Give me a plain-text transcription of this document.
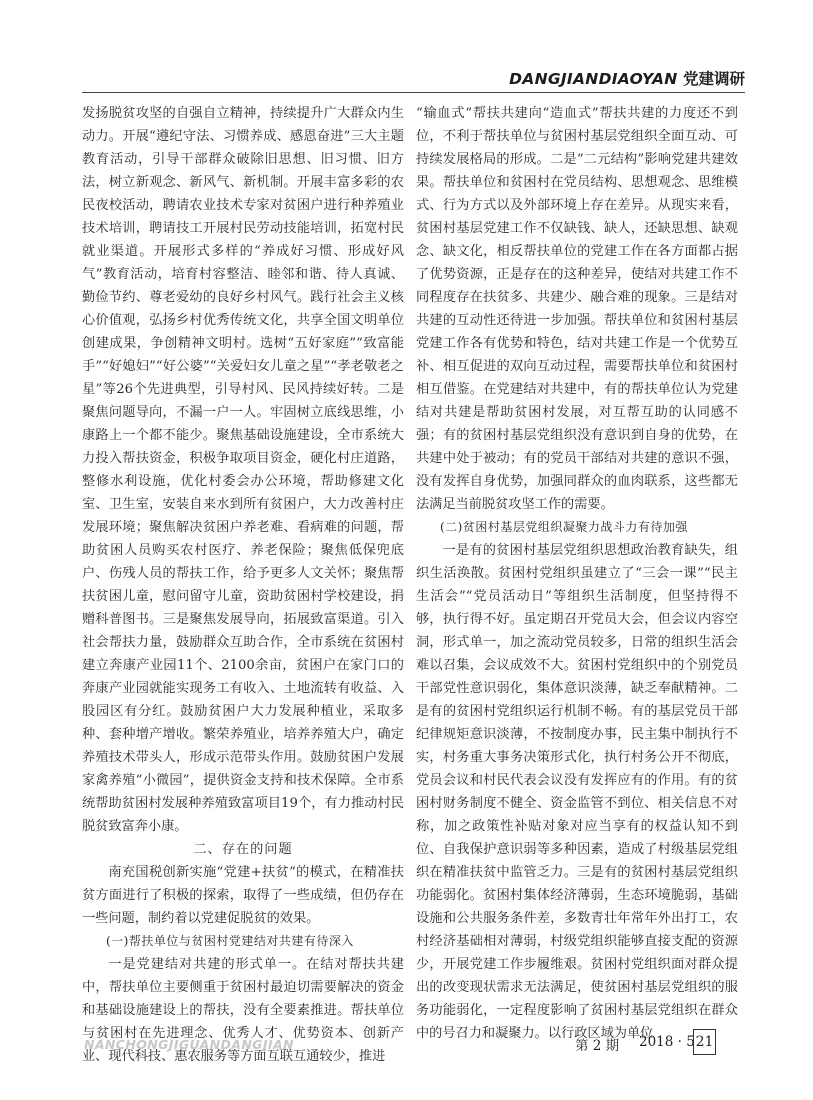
DANGJIANDIAOYAN 党建调研

发扬脱贫攻坚的自强自立精神，持续提升广大群众内生动力。开展“遵纪守法、习惯养成、感恩奋进”三大主题教育活动，引导干部群众破除旧思想、旧习惯、旧方法，树立新观念、新风气、新机制。开展丰富多彩的农民夜校活动，聘请农业技术专家对贫困户进行种养殖业技术培训，聘请技工开展村民劳动技能培训，拓宽村民就业渠道。开展形式多样的“养成好习惯、形成好风气”教育活动，培育村容整洁、睦邻和谐、待人真诚、勤俭节约、尊老爱幼的良好乡村风气。践行社会主义核心价值观，弘扬乡村优秀传统文化，共享全国文明单位创建成果，争创精神文明村。选树“五好家庭”“致富能手”“好媳妇”“好公婆”“关爱妇女儿童之星”“孝老敬老之星”等26个先进典型，引导村风、民风持续好转。二是聚焦问题导向，不漏一户一人。牢固树立底线思维，小康路上一个都不能少。聚焦基础设施建设，全市系统大力投入帮扶资金，积极争取项目资金，硬化村庄道路，整修水利设施，优化村委会办公环境，帮助修建文化室、卫生室，安装自来水到所有贫困户，大力改善村庄发展环境；聚焦解决贫困户养老难、看病难的问题，帮助贫困人员购买农村医疗、养老保险；聚焦低保兜底户、伤残人员的帮扶工作，给予更多人文关怀；聚焦帮扶贫困儿童，慰问留守儿童，资助贫困村学校建设，捐赠科普图书。三是聚焦发展导向，拓展致富渠道。引入社会帮扶力量，鼓励群众互助合作，全市系统在贫困村建立奔康产业园11个、2100余亩，贫困户在家门口的奔康产业园就能实现务工有收入、土地流转有收益、入股园区有分红。鼓励贫困户大力发展种植业，采取多种、套种增产增收。繁荣养殖业，培养养殖大户，确定养殖技术带头人，形成示范带头作用。鼓励贫困户发展家禽养殖“小微园”，提供资金支持和技术保障。全市系统帮助贫困村发展种养殖致富项目19个，有力推动村民脱贫致富奔小康。

二、存在的问题

南充国税创新实施“党建+扶贫”的模式，在精准扶贫方面进行了积极的探索，取得了一些成绩，但仍存在一些问题，制约着以党建促脱贫的效果。

(一)帮扶单位与贫困村党建结对共建有待深入

一是党建结对共建的形式单一。在结对帮扶共建中，帮扶单位主要侧重于贫困村最迫切需要解决的资金和基础设施建设上的帮扶，没有全要素推进。帮扶单位与贫困村在先进理念、优秀人才、优势资本、创新产业、现代科技、惠农服务等方面互联互通较少，推进

“输血式”帮扶共建向“造血式”帮扶共建的力度还不到位，不利于帮扶单位与贫困村基层党组织全面互动、可持续发展格局的形成。二是“二元结构”影响党建共建效果。帮扶单位和贫困村在党员结构、思想观念、思维模式、行为方式以及外部环境上存在差异。从现实来看，贫困村基层党建工作不仅缺钱、缺人，还缺思想、缺观念、缺文化，相反帮扶单位的党建工作在各方面都占据了优势资源，正是存在的这种差异，使结对共建工作不同程度存在扶贫多、共建少、融合难的现象。三是结对共建的互动性还待进一步加强。帮扶单位和贫困村基层党建工作各有优势和特色，结对共建工作是一个优势互补、相互促进的双向互动过程，需要帮扶单位和贫困村相互借鉴。在党建结对共建中，有的帮扶单位认为党建结对共建是帮助贫困村发展，对互帮互助的认同感不强；有的贫困村基层党组织没有意识到自身的优势，在共建中处于被动；有的党员干部结对共建的意识不强，没有发挥自身优势，加强同群众的血肉联系，这些都无法满足当前脱贫攻坚工作的需要。

(二)贫困村基层党组织凝聚力战斗力有待加强

一是有的贫困村基层党组织思想政治教育缺失，组织生活涣散。贫困村党组织虽建立了“三会一课”“民主生活会”“党员活动日”等组织生活制度，但坚持得不够，执行得不好。虽定期召开党员大会，但会议内容空洞，形式单一，加之流动党员较多，日常的组织生活会难以召集，会议成效不大。贫困村党组织中的个别党员干部党性意识弱化，集体意识淡薄，缺乏奉献精神。二是有的贫困村党组织运行机制不畅。有的基层党员干部纪律规矩意识淡薄，不按制度办事，民主集中制执行不实，村务重大事务决策形式化，执行村务公开不彻底，党员会议和村民代表会议没有发挥应有的作用。有的贫困村财务制度不健全、资金监管不到位、相关信息不对称，加之政策性补贴对象对应当享有的权益认知不到位、自我保护意识弱等多种因素，造成了村级基层党组织在精准扶贫中监管乏力。三是有的贫困村基层党组织功能弱化。贫困村集体经济薄弱，生态环境脆弱，基础设施和公共服务条件差，多数青壮年常年外出打工，农村经济基础相对薄弱，村级党组织能够直接支配的资源少，开展党建工作步履维艰。贫困村党组织面对群众提出的改变现状需求无法满足，使贫困村基层党组织的服务功能弱化，一定程度影响了贫困村基层党组织在群众中的号召力和凝聚力。以行政区域为单位

NANCHONGJIGUANDANGJIAN	第 2 期 2018 · 5 21
